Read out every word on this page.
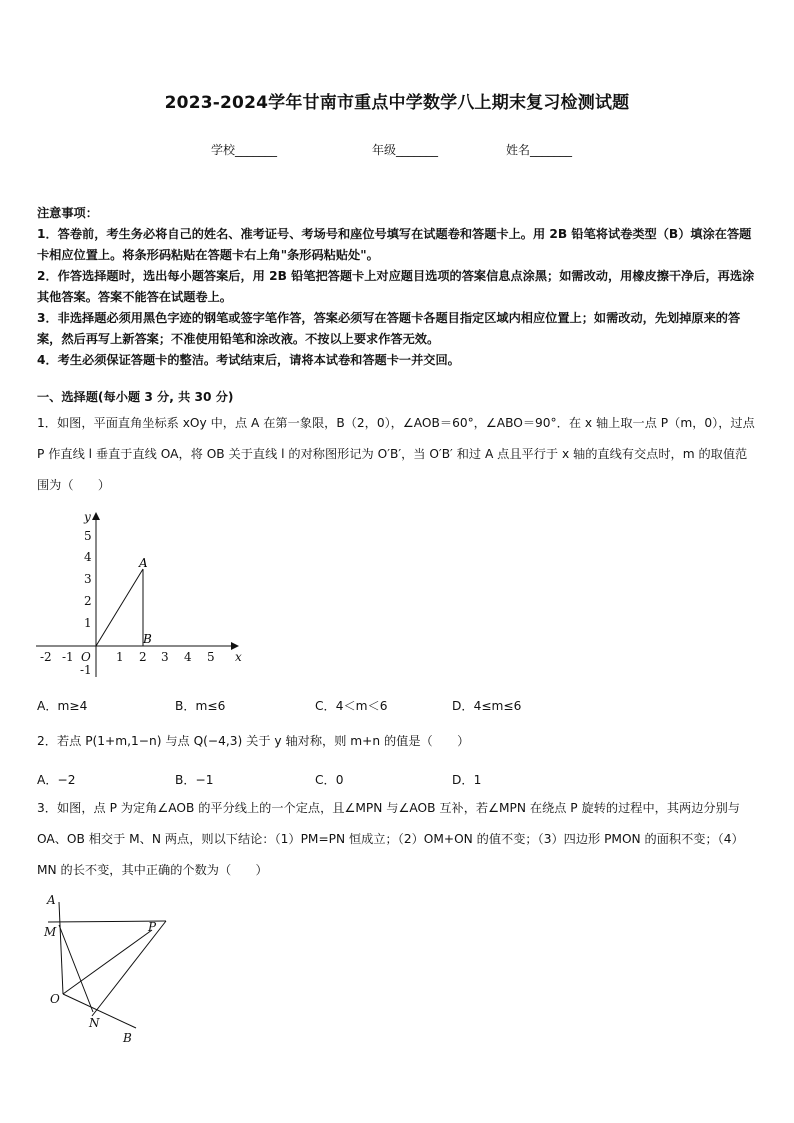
2023-2024学年甘南市重点中学数学八上期末复习检测试题
学校_______	年级_______	姓名_______

注意事项：

1．答卷前，考生务必将自己的姓名、准考证号、考场号和座位号填写在试题卷和答题卡上。用 2B 铅笔将试卷类型（B）填涂在答题卡相应位置上。将条形码粘贴在答题卡右上角"条形码粘贴处"。

2．作答选择题时，选出每小题答案后，用 2B 铅笔把答题卡上对应题目选项的答案信息点涂黑；如需改动，用橡皮擦干净后，再选涂其他答案。答案不能答在试题卷上。

3．非选择题必须用黑色字迹的钢笔或签字笔作答，答案必须写在答题卡各题目指定区域内相应位置上；如需改动，先划掉原来的答案，然后再写上新答案；不准使用铅笔和涂改液。不按以上要求作答无效。

4．考生必须保证答题卡的整洁。考试结束后，请将本试卷和答题卡一并交回。

一、选择题(每小题 3 分, 共 30 分)

1．如图，平面直角坐标系 xOy 中，点 A 在第一象限，B（2，0），∠AOB＝60°，∠ABO＝90°．在 x 轴上取一点 P（m，0），过点 P 作直线 l 垂直于直线 OA，将 OB 关于直线 l 的对称图形记为 O′B′，当 O′B′ 和过 A 点且平行于 x 轴的直线有交点时，m 的取值范围为（　　）

-2 -1 O 1 2 3 4 5 x
5
4
3
2
1
-1
y
A
B
A．m≥4	B．m≤6	C．4＜m＜6	D．4≤m≤6

2．若点 P(1+m,1−n) 与点 Q(−4,3) 关于 y 轴对称，则 m+n 的值是（　　）

A．−2	B．−1	C．0	D．1

3．如图，点 P 为定角∠AOB 的平分线上的一个定点，且∠MPN 与∠AOB 互补，若∠MPN 在绕点 P 旋转的过程中，其两边分别与 OA、OB 相交于 M、N 两点，则以下结论：（1）PM=PN 恒成立；（2）OM+ON 的值不变；（3）四边形 PMON 的面积不变；（4）MN 的长不变，其中正确的个数为（　　）

A
M	P
O
N
B
